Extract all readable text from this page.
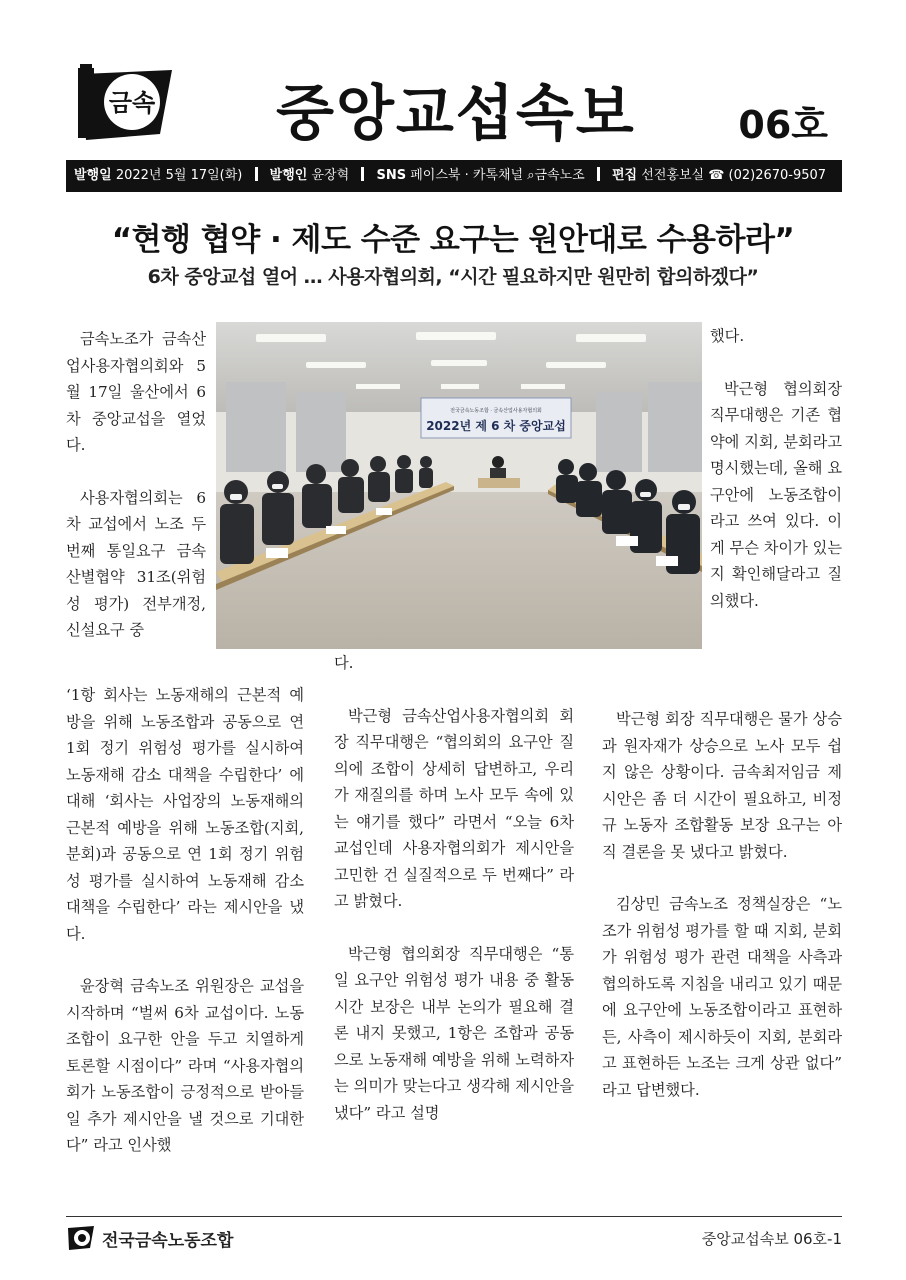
금속 중앙교섭속보	06호
발행일 2022년 5월 17일(화) 발행인 윤장혁 SNS 페이스북 · 카톡채널 ⌕금속노조 편집 선전홍보실 ☎ (02)2670-9507
“현행 협약 · 제도 수준 요구는 원안대로 수용하라”
6차 중앙교섭 열어 … 사용자협의회, “시간 필요하지만 원만히 합의하겠다”
전국금속노동조합 · 금속산업사용자협의회
2022년 제 6 차 중앙교섭

금속노조가 금속산업사용자협의회와 5월 17일 울산에서 6차 중앙교섭을 열었다.

사용자협의회는 6차 교섭에서 노조 두 번째 통일요구 금속산별협약 31조(위험성 평가) 전부개정, 신설요구 중

‘1항 회사는 노동재해의 근본적 예방을 위해 노동조합과 공동으로 연 1회 정기 위험성 평가를 실시하여 노동재해 감소 대책을 수립한다’ 에 대해 ‘회사는 사업장의 노동재해의 근본적 예방을 위해 노동조합(지회, 분회)과 공동으로 연 1회 정기 위험성 평가를 실시하여 노동재해 감소 대책을 수립한다’ 라는 제시안을 냈다.

윤장혁 금속노조 위원장은 교섭을 시작하며 “벌써 6차 교섭이다. 노동조합이 요구한 안을 두고 치열하게 토론할 시점이다” 라며 “사용자협의회가 노동조합이 긍정적으로 받아들일 추가 제시안을 낼 것으로 기대한다” 라고 인사했

다.

박근형 금속산업사용자협의회 회장 직무대행은 “협의회의 요구안 질의에 조합이 상세히 답변하고, 우리가 재질의를 하며 노사 모두 속에 있는 얘기를 했다” 라면서 “오늘 6차 교섭인데 사용자협의회가 제시안을 고민한 건 실질적으로 두 번째다” 라고 밝혔다.

박근형 협의회장 직무대행은 “통일 요구안 위험성 평가 내용 중 활동시간 보장은 내부 논의가 필요해 결론 내지 못했고, 1항은 조합과 공동으로 노동재해 예방을 위해 노력하자는 의미가 맞는다고 생각해 제시안을 냈다” 라고 설명

했다.

박근형 협의회장 직무대행은 기존 협약에 지회, 분회라고 명시했는데, 올해 요구안에 노동조합이라고 쓰여 있다. 이게 무슨 차이가 있는지 확인해달라고 질의했다.

박근형 회장 직무대행은 물가 상승과 원자재가 상승으로 노사 모두 쉽지 않은 상황이다. 금속최저임금 제시안은 좀 더 시간이 필요하고, 비정규 노동자 조합활동 보장 요구는 아직 결론을 못 냈다고 밝혔다.

김상민 금속노조 정책실장은 “노조가 위험성 평가를 할 때 지회, 분회가 위험성 평가 관련 대책을 사측과 협의하도록 지침을 내리고 있기 때문에 요구안에 노동조합이라고 표현하든, 사측이 제시하듯이 지회, 분회라고 표현하든 노조는 크게 상관 없다” 라고 답변했다.

전국금속노동조합	중앙교섭속보 06호-1
